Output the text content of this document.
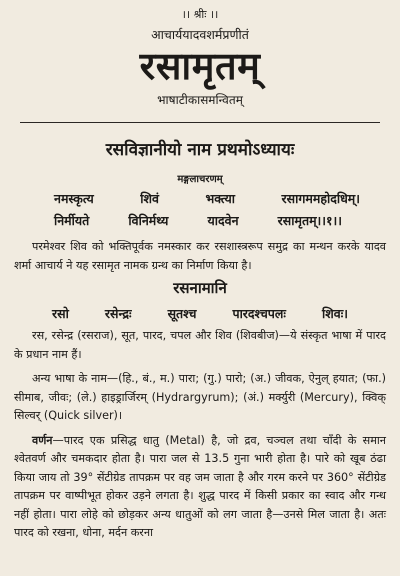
।। श्रीः ।।
आचार्ययादवशर्मप्रणीतं
रसामृतम्
भाषाटीकासमन्वितम्
रसविज्ञानीयो नाम प्रथमोऽध्यायः
मङ्गलाचरणम्
नमस्कृत्य	शिवं	भक्त्या	रसागममहोदधिम्।
निर्मीयते	विनिर्मथ्य	यादवेन	रसामृतम्।।१।।
परमेश्वर शिव को भक्तिपूर्वक नमस्कार कर रसशास्त्ररूप समुद्र का मन्थन करके यादव शर्मा आचार्य ने यह रसामृत नामक ग्रन्थ का निर्माण किया है।
रसनामानि
रसो	रसेन्द्रः	सूतश्च	पारदश्चपलः	शिवः।
रस, रसेन्द्र (रसराज), सूत, पारद, चपल और शिव (शिवबीज)—ये संस्कृत भाषा में पारद के प्रधान नाम हैं।
अन्य भाषा के नाम—(हि., बं., म.) पारा; (गु.) पारो; (अ.) जीवक, ऐनुल् हयात; (फा.) सीमाब, जीवः; (ले.) हाइड्रार्जिरम् (Hydrargyrum); (अं.) मर्क्युरी (Mercury), क्विक् सिल्वर् (Quick silver)।
वर्णन—पारद एक प्रसिद्ध धातु (Metal) है, जो द्रव, चञ्चल तथा चाँदी के समान श्वेतवर्ण और चमकदार होता है। पारा जल से 13.5 गुना भारी होता है। पारे को खूब ठंढा किया जाय तो 39° सेंटीग्रेड तापक्रम पर वह जम जाता है और गरम करने पर 360° सेंटीग्रेड तापक्रम पर वाष्पीभूत होकर उड़ने लगता है। शुद्ध पारद में किसी प्रकार का स्वाद और गन्ध नहीं होता। पारा लोहे को छोड़कर अन्य धातुओं को लग जाता है—उनसे मिल जाता है। अतः पारद को रखना, धोना, मर्दन करना
